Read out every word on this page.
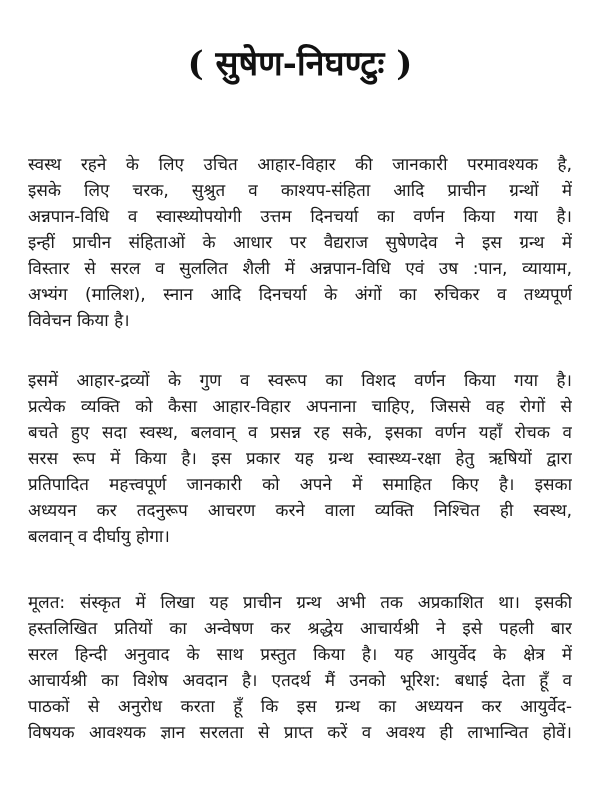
( सुषेण-निघण्टुः )
स्वस्थ रहने के लिए उचित आहार-विहार की जानकारी परमावश्यक है,
इसके लिए चरक, सुश्रुत व काश्यप-संहिता आदि प्राचीन ग्रन्थों में
अन्नपान-विधि व स्वास्थ्योपयोगी उत्तम दिनचर्या का वर्णन किया गया है।
इन्हीं प्राचीन संहिताओं के आधार पर वैद्यराज सुषेणदेव ने इस ग्रन्थ में
विस्तार से सरल व सुललित शैली में अन्नपान-विधि एवं उष :पान, व्यायाम,
अभ्यंग (मालिश), स्नान आदि दिनचर्या के अंगों का रुचिकर व तथ्यपूर्ण
विवेचन किया है।
इसमें आहार-द्रव्यों के गुण व स्वरूप का विशद वर्णन किया गया है।
प्रत्येक व्यक्ति को कैसा आहार-विहार अपनाना चाहिए, जिससे वह रोगों से
बचते हुए सदा स्वस्थ, बलवान् व प्रसन्न रह सके, इसका वर्णन यहाँ रोचक व
सरस रूप में किया है। इस प्रकार यह ग्रन्थ स्वास्थ्य-रक्षा हेतु ऋषियों द्वारा
प्रतिपादित महत्त्वपूर्ण जानकारी को अपने में समाहित किए है। इसका
अध्ययन कर तदनुरूप आचरण करने वाला व्यक्ति निश्चित ही स्वस्थ,
बलवान् व दीर्घायु होगा।
मूलत: संस्कृत में लिखा यह प्राचीन ग्रन्थ अभी तक अप्रकाशित था। इसकी
हस्तलिखित प्रतियों का अन्वेषण कर श्रद्धेय आचार्यश्री ने इसे पहली बार
सरल हिन्दी अनुवाद के साथ प्रस्तुत किया है। यह आयुर्वेद के क्षेत्र में
आचार्यश्री का विशेष अवदान है। एतदर्थ मैं उनको भूरिश: बधाई देता हूँ व
पाठकों से अनुरोध करता हूँ कि इस ग्रन्थ का अध्ययन कर आयुर्वेद-
विषयक आवश्यक ज्ञान सरलता से प्राप्त करें व अवश्य ही लाभान्वित होवें।
